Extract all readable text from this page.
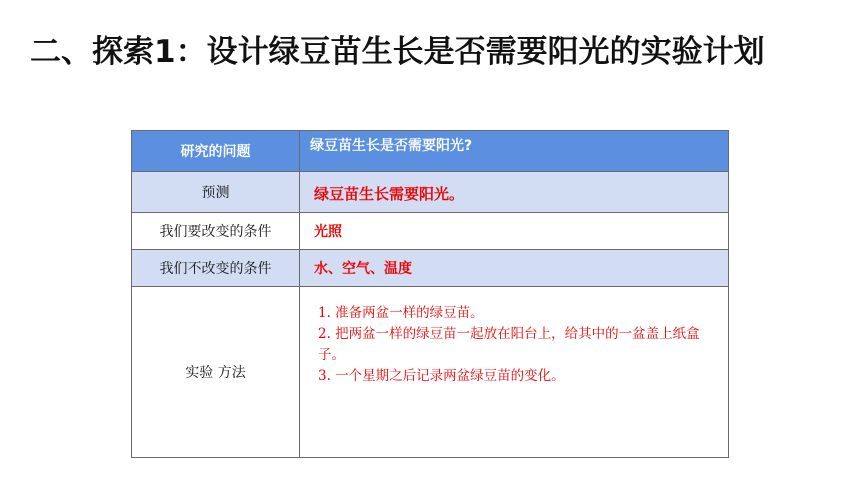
二、探索1：设计绿豆苗生长是否需要阳光的实验计划
研究的问题	绿豆苗生长是否需要阳光?
预测	绿豆苗生长需要阳光。
我们要改变的条件	光照
我们不改变的条件	水、空气、温度
实验 方法	1. 准备两盆一样的绿豆苗。
2. 把两盆一样的绿豆苗一起放在阳台上，给其中的一盆盖上纸盒子。
3. 一个星期之后记录两盆绿豆苗的变化。
